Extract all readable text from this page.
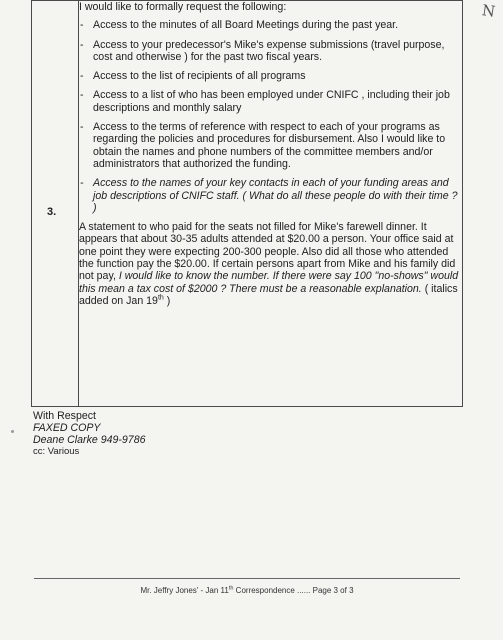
N
3.

I would like to formally request the following:

- Access to the minutes of all Board Meetings during the past year.
- Access to your predecessor's Mike's expense submissions (travel purpose, cost and otherwise ) for the past two fiscal years.
- Access to the list of recipients of all programs
- Access to a list of who has been employed under CNIFC , including their job descriptions and monthly salary
- Access to the terms of reference with respect to each of your programs as regarding the policies and procedures for disbursement. Also I would like to obtain the names and phone numbers of the committee members and/or administrators that authorized the funding.
- Access to the names of your key contacts in each of your funding areas and job descriptions of CNIFC staff. ( What do all these people do with their time ? )

A statement to who paid for the seats not filled for Mike's farewell dinner. It appears that about 30-35 adults attended at $20.00 a person. Your office said at one point they were expecting 200-300 people. Also did all those who attended the function pay the $20.00. If certain persons apart from Mike and his family did not pay, I would like to know the number. If there were say 100 "no-shows" would this mean a tax cost of $2000 ? There must be a reasonable explanation. ( italics added on Jan 19th )

With Respect
FAXED COPY
Deane Clarke 949-9786
cc: Various
Mr. Jeffry Jones' - Jan 11th Correspondence ...... Page 3 of 3
